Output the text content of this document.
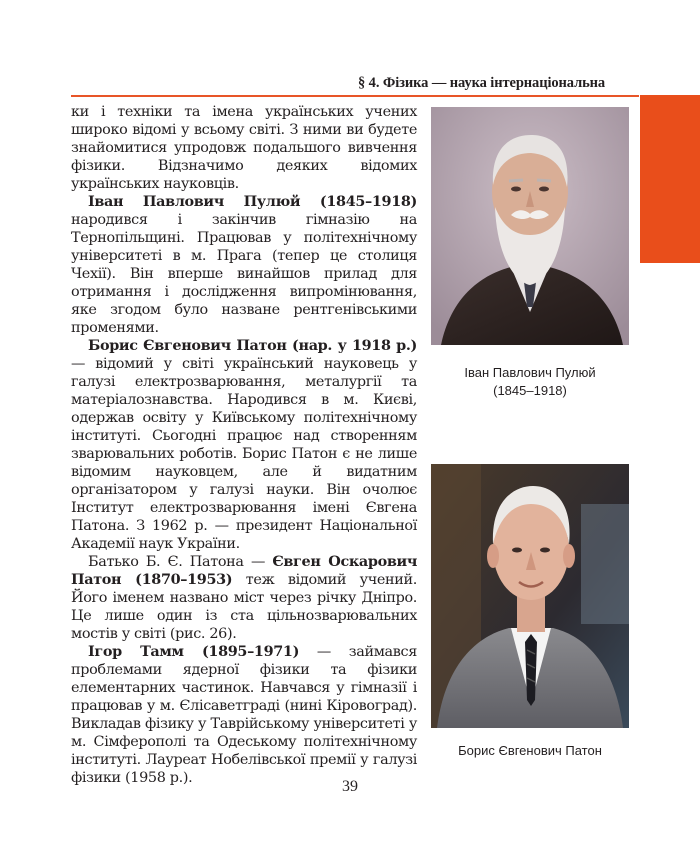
§ 4. Фізика — наука інтернаціональна

ки і техніки та імена українських учених широко відомі у всьому світі. З ними ви будете знайомитися упродовж подальшого вивчення фізики. Відзначимо деяких відомих українських науковців.

Іван Павлович Пулюй (1845–1918) народився і закінчив гімназію на Тернопільщині. Працював у політехнічному університеті в м. Прага (тепер це столиця Чехії). Він вперше винайшов прилад для отримання і дослідження випромінювання, яке згодом було назване рентгенівськими променями.

Борис Євгенович Патон (нар. у 1918 р.) — відомий у світі український науковець у галузі електрозварювання, металургії та матеріалознавства. Народився в м. Києві, одержав освіту у Київському політехнічному інституті. Сьогодні працює над створенням зварювальних роботів. Борис Патон є не лише відомим науковцем, але й видатним організатором у галузі науки. Він очолює Інститут електрозварювання імені Євгена Патона. З 1962 р. — президент Національної Академії наук України.

Батько Б. Є. Патона — Євген Оскарович Патон (1870–1953) теж відомий учений. Його іменем названо міст через річку Дніпро. Це лише один із ста цільнозварювальних мостів у світі (рис. 26).

Ігор Тамм (1895–1971) — займався проблемами ядерної фізики та фізики елементарних частинок. Навчався у гімназії і працював у м. Єлісаветграді (нині Кіровоград). Викладав фізику у Таврійському університеті у м. Сімферополі та Одеському політехнічному інституті. Лауреат Нобелівської премії у галузі фізики (1958 р.).

Іван Павлович Пулюй
(1845–1918)
Борис Євгенович Патон
39
